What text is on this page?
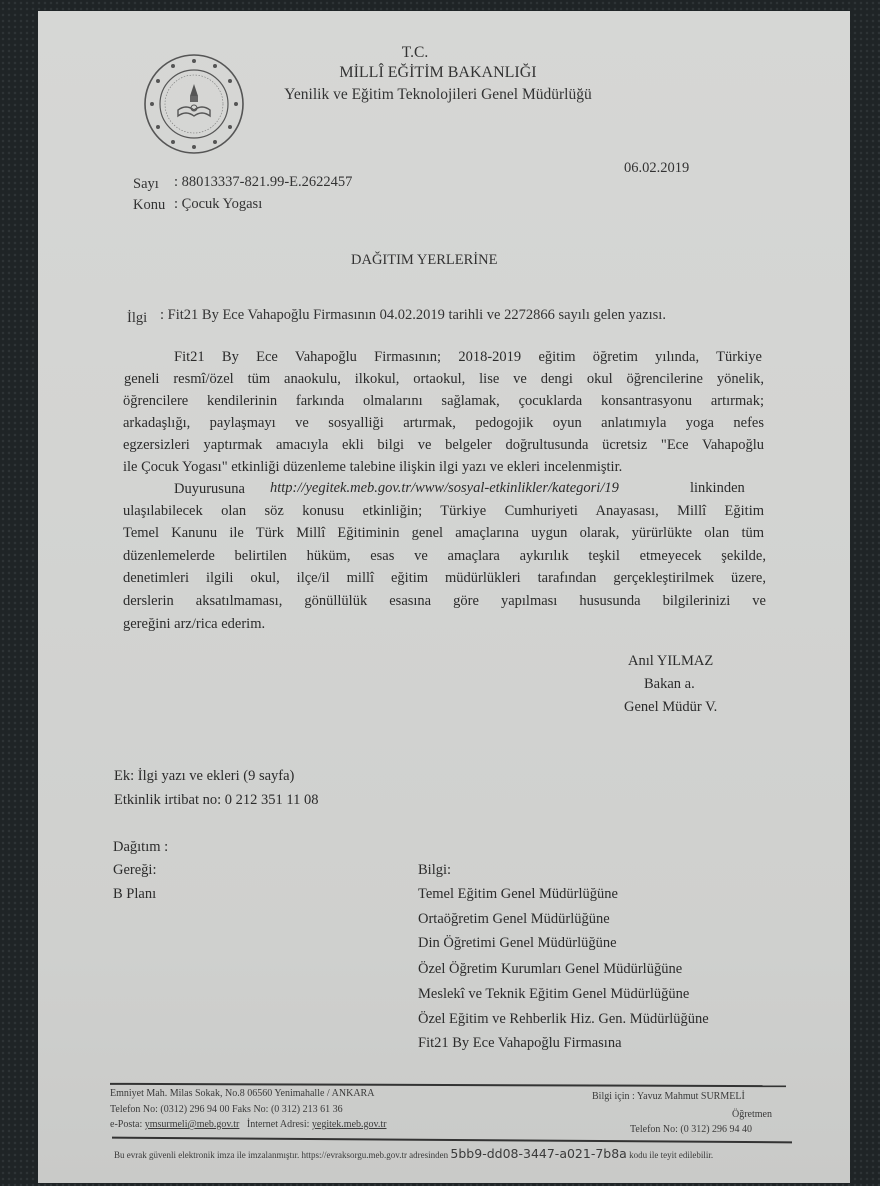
T.C.
MİLLÎ EĞİTİM BAKANLIĞI
Yenilik ve Eğitim Teknolojileri Genel Müdürlüğü
Sayı : 88013337-821.99-E.2622457
Konu : Çocuk Yogası
06.02.2019
DAĞITIM YERLERİNE
İlgi : Fit21 By Ece Vahapoğlu Firmasının 04.02.2019 tarihli ve 2272866 sayılı gelen yazısı.
Fit21 By Ece Vahapoğlu Firmasının; 2018-2019 eğitim öğretim yılında, Türkiye
geneli resmî/özel tüm anaokulu, ilkokul, ortaokul, lise ve dengi okul öğrencilerine yönelik,
öğrencilere kendilerinin farkında olmalarını sağlamak, çocuklarda konsantrasyonu artırmak;
arkadaşlığı, paylaşmayı ve sosyalliği artırmak, pedogojik oyun anlatımıyla yoga nefes
egzersizleri yaptırmak amacıyla ekli bilgi ve belgeler doğrultusunda ücretsiz "Ece Vahapoğlu
ile Çocuk Yogası" etkinliği düzenleme talebine ilişkin ilgi yazı ve ekleri incelenmiştir.
Duyurusuna http://yegitek.meb.gov.tr/www/sosyal-etkinlikler/kategori/19	linkinden
ulaşılabilecek olan söz konusu etkinliğin; Türkiye Cumhuriyeti Anayasası, Millî Eğitim
Temel Kanunu ile Türk Millî Eğitiminin genel amaçlarına uygun olarak, yürürlükte olan tüm
düzenlemelerde belirtilen hüküm, esas ve amaçlara aykırılık teşkil etmeyecek şekilde,
denetimleri ilgili okul, ilçe/il millî eğitim müdürlükleri tarafından gerçekleştirilmek üzere,
derslerin aksatılmaması, gönüllülük esasına göre yapılması hususunda bilgilerinizi ve
gereğini arz/rica ederim.
Anıl YILMAZ
Bakan a.
Genel Müdür V.
Ek: İlgi yazı ve ekleri (9 sayfa)
Etkinlik irtibat no: 0 212 351 11 08
Dağıtım :
Gereği:
B Planı
Bilgi:
Temel Eğitim Genel Müdürlüğüne
Ortaöğretim Genel Müdürlüğüne
Din Öğretimi Genel Müdürlüğüne
Özel Öğretim Kurumları Genel Müdürlüğüne
Meslekî ve Teknik Eğitim Genel Müdürlüğüne
Özel Eğitim ve Rehberlik Hiz. Gen. Müdürlüğüne
Fit21 By Ece Vahapoğlu Firmasına
Emniyet Mah. Milas Sokak, No.8 06560 Yenimahalle / ANKARA
Telefon No: (0312) 296 94 00 Faks No: (0 312) 213 61 36
e-Posta: ymsurmeli@meb.gov.tr İnternet Adresi: yegitek.meb.gov.tr
Bilgi için : Yavuz Mahmut SURMELİ
Öğretmen
Telefon No: (0 312) 296 94 40
Bu evrak güvenli elektronik imza ile imzalanmıştır. https://evraksorgu.meb.gov.tr adresinden 5bb9-dd08-3447-a021-7b8a kodu ile teyit edilebilir.
